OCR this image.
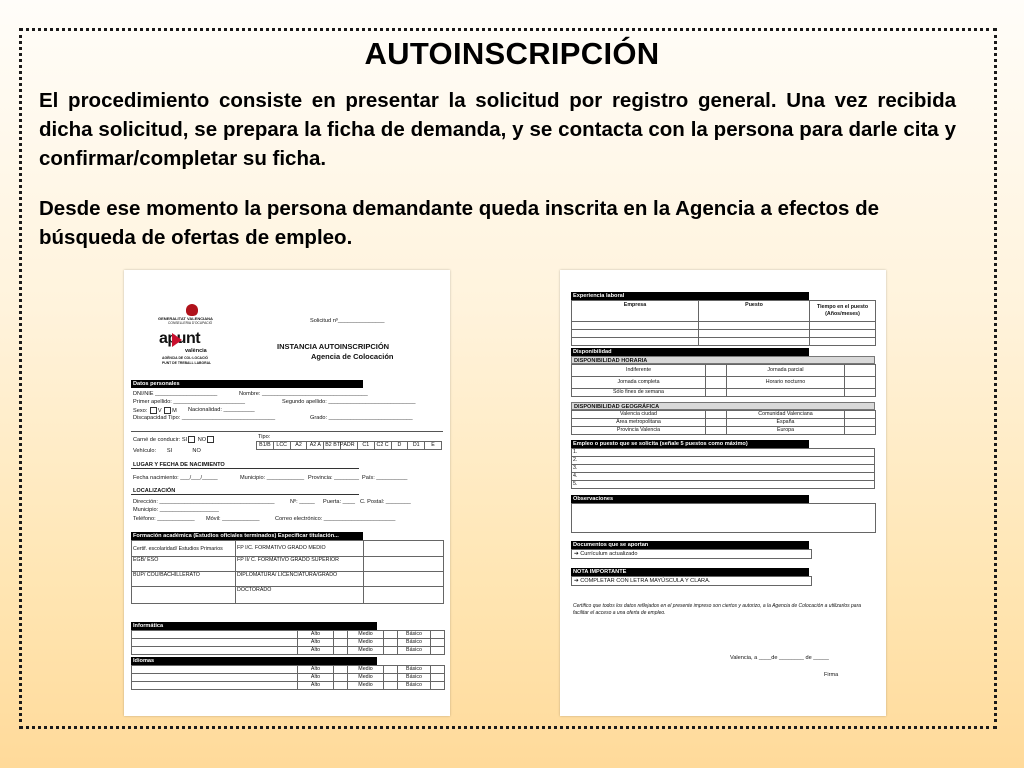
AUTOINSCRIPCIÓN

El procedimiento consiste en presentar la solicitud por registro general. Una vez recibida dicha solicitud, se prepara la ficha de demanda, y se contacta con la persona para darle cita y confirmar/completar su ficha.

Desde ese momento la persona demandante queda inscrita en la Agencia a efectos de búsqueda de ofertas de empleo.

GENERALITAT VALENCIANA
CONSELLERIA D'OCUPACIÓ
apunt
valència
AGÈNCIA DE COL·LOCACIÓ
PUNT DE TREBALL LABORAL
Solicitud nº_______________
INSTANCIA AUTOINSCRIPCIÓN
Agencia de Colocación
Datos personales
DNI/NIE ____________________	Nombre: __________________________________
Primer apellido: _______________________	Segundo apellido: ____________________________
Sexo: V M Nacionalidad: __________
Discapacidad Tipo: ______________________________	Grado: ___________________________
Carné de conducir: SI NO
Vehículo: SI	NO
Tipo:
B1/B	LCC	A2	A2 A	B2 BTP	ADR	C1	C2 C	D	D1	E
LUGAR Y FECHA DE NACIMIENTO
Fecha nacimiento: ___/___/_____	Municipio: ____________ Provincia: ________ País: __________
LOCALIZACIÓN
Dirección: _____________________________________	Nº: _____ Puerta: ____ C. Postal: ________
Municipio: ___________________
Teléfono: ____________ Móvil: ____________	Correo electrónico: _______________________
Formación académica (Estudios oficiales terminados) Especificar titulación...
Certif. escolaridad/ Estudios Primarios	FP I/C. FORMATIVO GRADO MEDIO	
EGB/ ESO	FP II/ C. FORMATIVO GRADO SUPERIOR	
BUP/ COU/BACHILLERATO	DIPLOMATURA/ LICENCIATURA/GRADO	
	DOCTORADO	
Informática
	Alto		Medio		Básico	
	Alto		Medio		Básico	
	Alto		Medio		Básico	
Idiomas
	Alto		Medio		Básico	
	Alto		Medio		Básico	
	Alto		Medio		Básico	
Experiencia laboral
Empresa	Puesto	Tiempo en el puesto (Años/meses)

Disponibilidad
DISPONIBILIDAD HORARIA
Indiferente		Jornada parcial	
Jornada completa		Horario nocturno	
Sólo fines de semana			
DISPONIBILIDAD GEOGRÁFICA
Valencia ciudad		Comunidad Valenciana	
Área metropolitana		España	
Provincia Valencia		Europa	
Empleo o puesto que se solicita (señale 5 puestos como máximo)
1.
2.
3.
4.
5.
Observaciones
Documentos que se aportan
➔ Currículum actualizado
NOTA IMPORTANTE
➔ COMPLETAR CON LETRA MAYÚSCULA Y CLARA.
Certifico que todos los datos reflejados en el presente impreso son ciertos y autorizo, a la Agencia de Colocación a utilizarlos para facilitar el acceso a una oferta de empleo.
Valencia, a ____de ________ de _____
Firma
